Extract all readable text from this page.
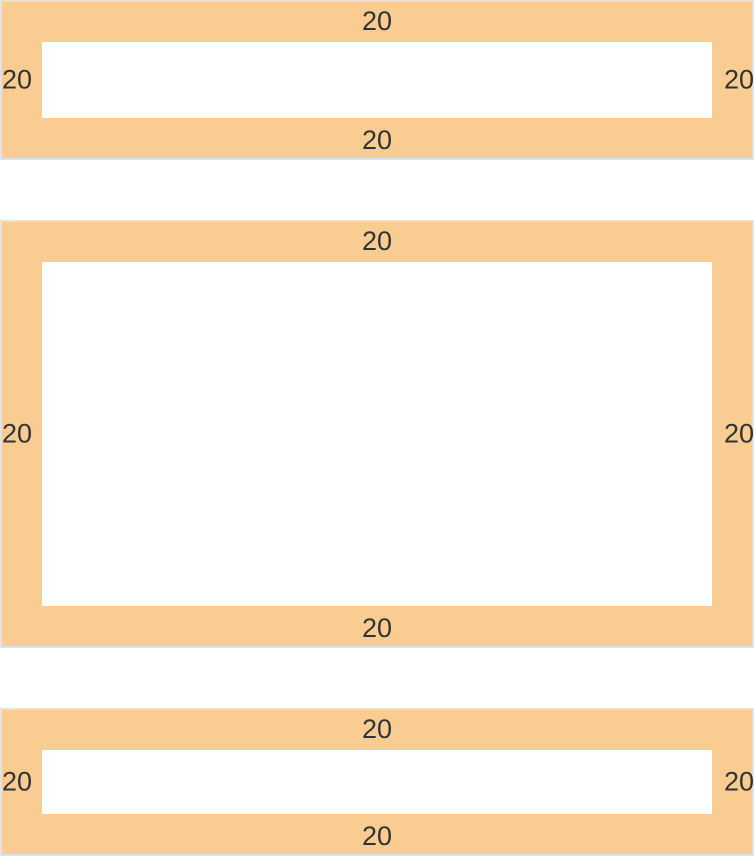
20
20
20
20
20
20
20
20
20
20
20
20
